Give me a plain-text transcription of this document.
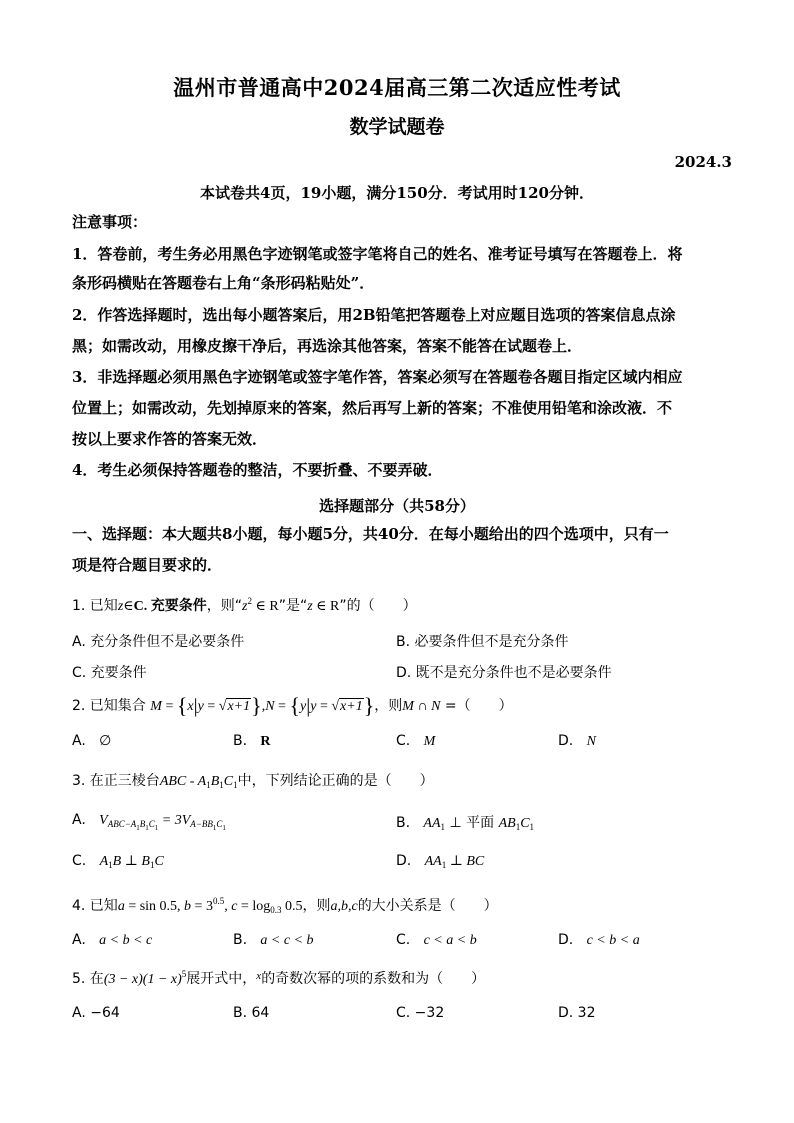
温州市普通高中2024届高三第二次适应性考试
数学试题卷
2024.3
本试卷共4页，19小题，满分150分．考试用时120分钟．
注意事项：
1．答卷前，考生务必用黑色字迹钢笔或签字笔将自己的姓名、准考证号填写在答题卷上．将
条形码横贴在答题卷右上角“条形码粘贴处”．
2．作答选择题时，选出每小题答案后，用2B铅笔把答题卷上对应题目选项的答案信息点涂
黑；如需改动，用橡皮擦干净后，再选涂其他答案，答案不能答在试题卷上．
3．非选择题必须用黑色字迹钢笔或签字笔作答，答案必须写在答题卷各题目指定区域内相应
位置上；如需改动，先划掉原来的答案，然后再写上新的答案；不准使用铅笔和涂改液．不
按以上要求作答的答案无效．
4．考生必须保持答题卷的整洁，不要折叠、不要弄破．
选择题部分（共58分）
一、选择题：本大题共8小题，每小题5分，共40分．在每小题给出的四个选项中，只有一
项是符合题目要求的．
1. 已知z∈C. 充要条件，则“$z^2$ ∈ R”是“z ∈ R”的（　　）
A. 充分条件但不是必要条件	B. 必要条件但不是充分条件
C. 充要条件	D. 既不是充分条件也不是必要条件
2. 已知集合 M = {x|y = √x+1},N = {y|y = √x+1}，则M ∩ N =（　　）
A. ∅	B. R	C. M	D. N
3. 在正三棱台ABC - $A_1B_1C_1$中，下列结论正确的是（　　）
A. $V_{ABC-A_1B_1C_1} = 3V_{A-BB_1C_1}$	B. $AA_1$ ⊥ 平面 $AB_1C_1$
C. $A_1B$ ⊥ $B_1C$	D. $AA_1$ ⊥ BC
4. 已知a = sin 0.5, $b = 3^{0.5}$, $c = \log_{0.3} 0.5$，则a,b,c的大小关系是（　　）
A. a < b < c	B. a < c < b	C. c < a < b	D. c < b < a
5. 在$(3 - x)(1 - x)^5$展开式中，$^x$的奇数次幂的项的系数和为（　　）
A. −64	B. 64	C. −32	D. 32
